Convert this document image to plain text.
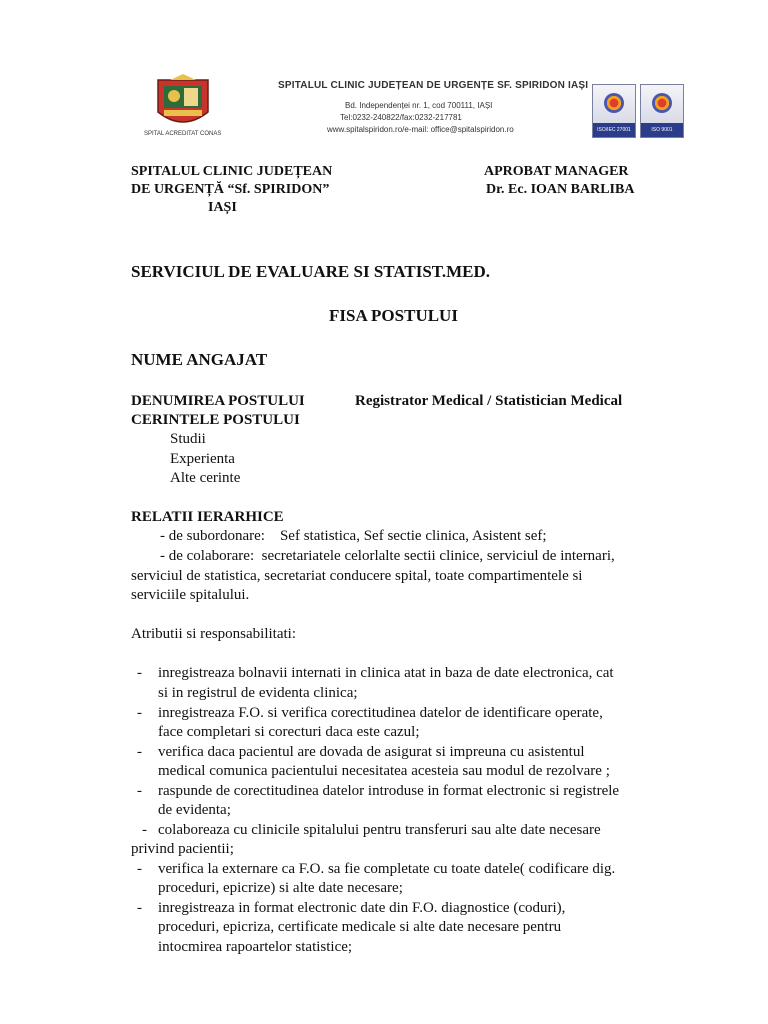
SPITAL ACREDITAT CONAS
SPITALUL CLINIC JUDEȚEAN DE URGENȚE SF. SPIRIDON IAȘI
Bd. Independenței nr. 1, cod 700111, IAȘI
Tel:0232-240822/fax:0232-217781
www.spitalspiridon.ro/e-mail: office@spitalspiridon.ro	ISO/IEC 27001	ISO 9001
SPITALUL CLINIC JUDEȚEAN
DE URGENȚĂ “Sf. SPIRIDON”
IAȘI
APROBAT MANAGER
Dr. Ec. IOAN BARLIBA
SERVICIUL DE EVALUARE SI STATIST.MED.
FISA POSTULUI
NUME ANGAJAT
DENUMIREA POSTULUI	Registrator Medical / Statistician Medical
CERINTELE POSTULUI
Studii
Experienta
Alte cerinte
RELATII IERARHICE
- de subordonare:    Sef statistica, Sef sectie clinica, Asistent sef;
- de colaborare:  secretariatele celorlalte sectii clinice, serviciul de internari,
serviciul de statistica, secretariat conducere spital, toate compartimentele si
serviciile spitalului.
Atributii si responsabilitati:
- inregistreaza bolnavii internati in clinica atat in baza de date electronica, cat
si in registrul de evidenta clinica;
- inregistreaza F.O. si verifica corectitudinea datelor de identificare operate,
face completari si corecturi daca este cazul;
- verifica daca pacientul are dovada de asigurat si impreuna cu asistentul
medical comunica pacientului necesitatea acesteia sau modul de rezolvare ;
- raspunde de corectitudinea datelor introduse in format electronic si registrele
de evidenta;
- colaboreaza cu clinicile spitalului pentru transferuri sau alte date necesare
privind pacientii;
- verifica la externare ca F.O. sa fie completate cu toate datele( codificare dig.
proceduri, epicrize) si alte date necesare;
- inregistreaza in format electronic date din F.O. diagnostice (coduri),
proceduri, epicriza, certificate medicale si alte date necesare pentru
intocmirea rapoartelor statistice;
